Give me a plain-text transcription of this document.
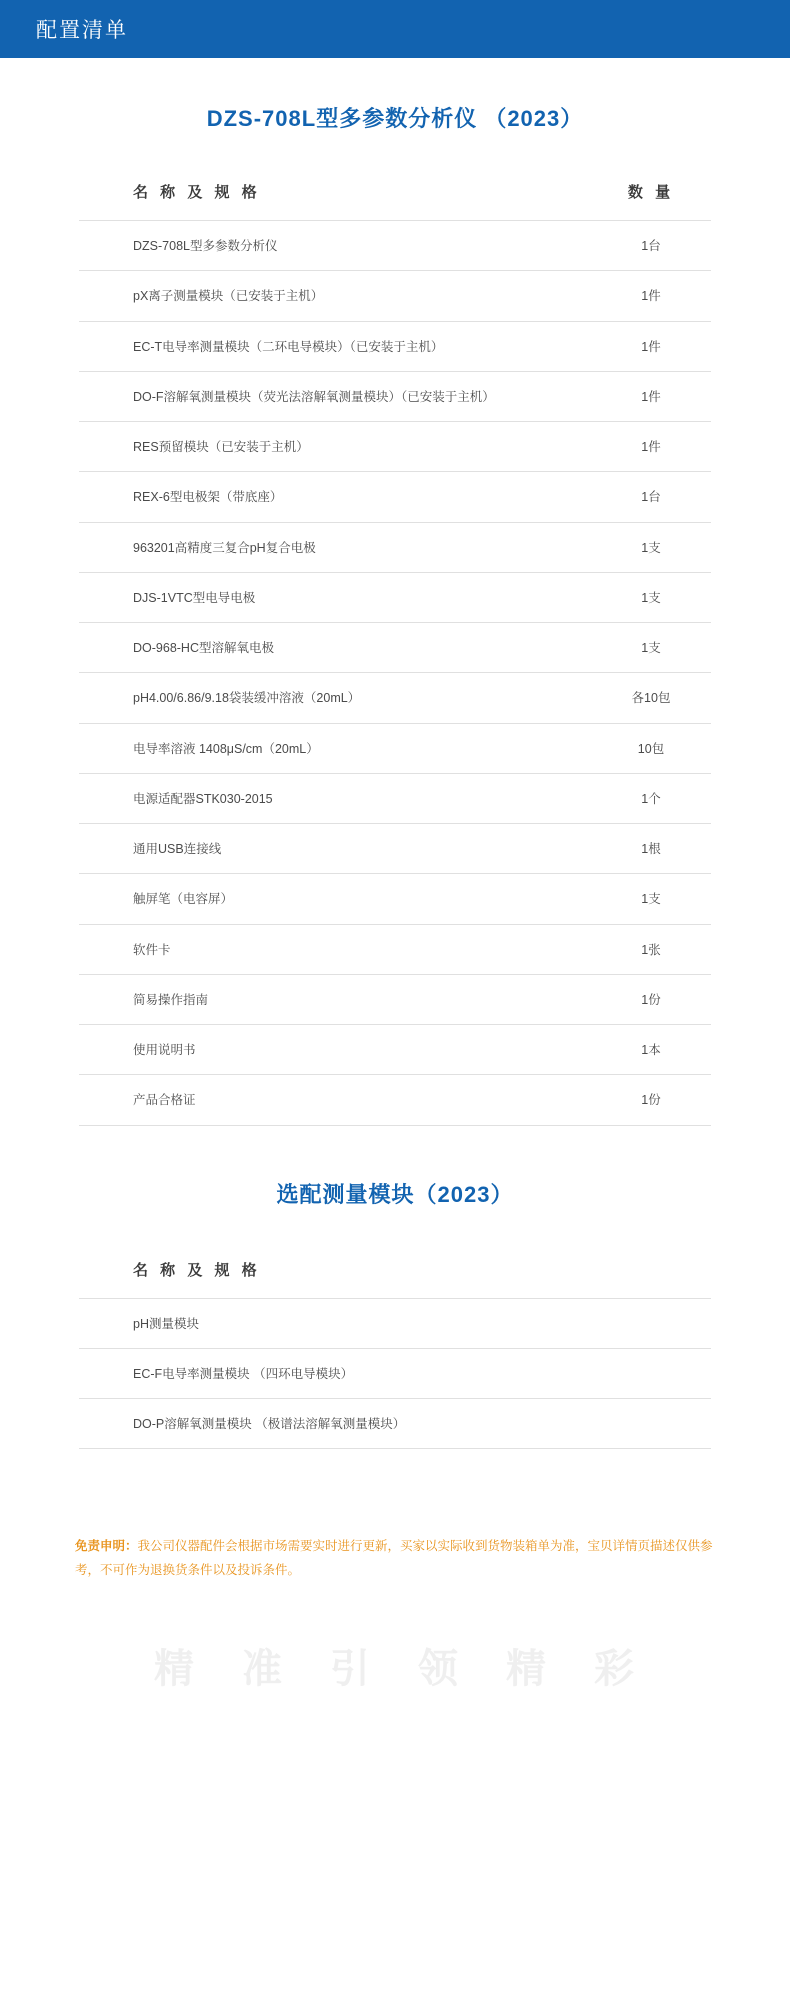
配置清单
DZS-708L型多参数分析仪 （2023）
名 称 及 规 格	数 量
DZS-708L型多参数分析仪	1台
pX离子测量模块（已安装于主机）	1件
EC-T电导率测量模块（二环电导模块）（已安装于主机）	1件
DO-F溶解氧测量模块（荧光法溶解氧测量模块）（已安装于主机）	1件
RES预留模块（已安装于主机）	1件
REX-6型电极架（带底座）	1台
963201高精度三复合pH复合电极	1支
DJS-1VTC型电导电极	1支
DO-968-HC型溶解氧电极	1支
pH4.00/6.86/9.18袋装缓冲溶液（20mL）	各10包
电导率溶液 1408μS/cm（20mL）	10包
电源适配器STK030-2015	1个
通用USB连接线	1根
触屏笔（电容屏）	1支
软件卡	1张
简易操作指南	1份
使用说明书	1本
产品合格证	1份
选配测量模块（2023）
名 称 及 规 格
pH测量模块
EC-F电导率测量模块 （四环电导模块）
DO-P溶解氧测量模块 （极谱法溶解氧测量模块）
免责申明：我公司仪器配件会根据市场需要实时进行更新，买家以实际收到货物装箱单为准，宝贝详情页描述仅供参考，不可作为退换货条件以及投诉条件。
精 准 引 领 精 彩
